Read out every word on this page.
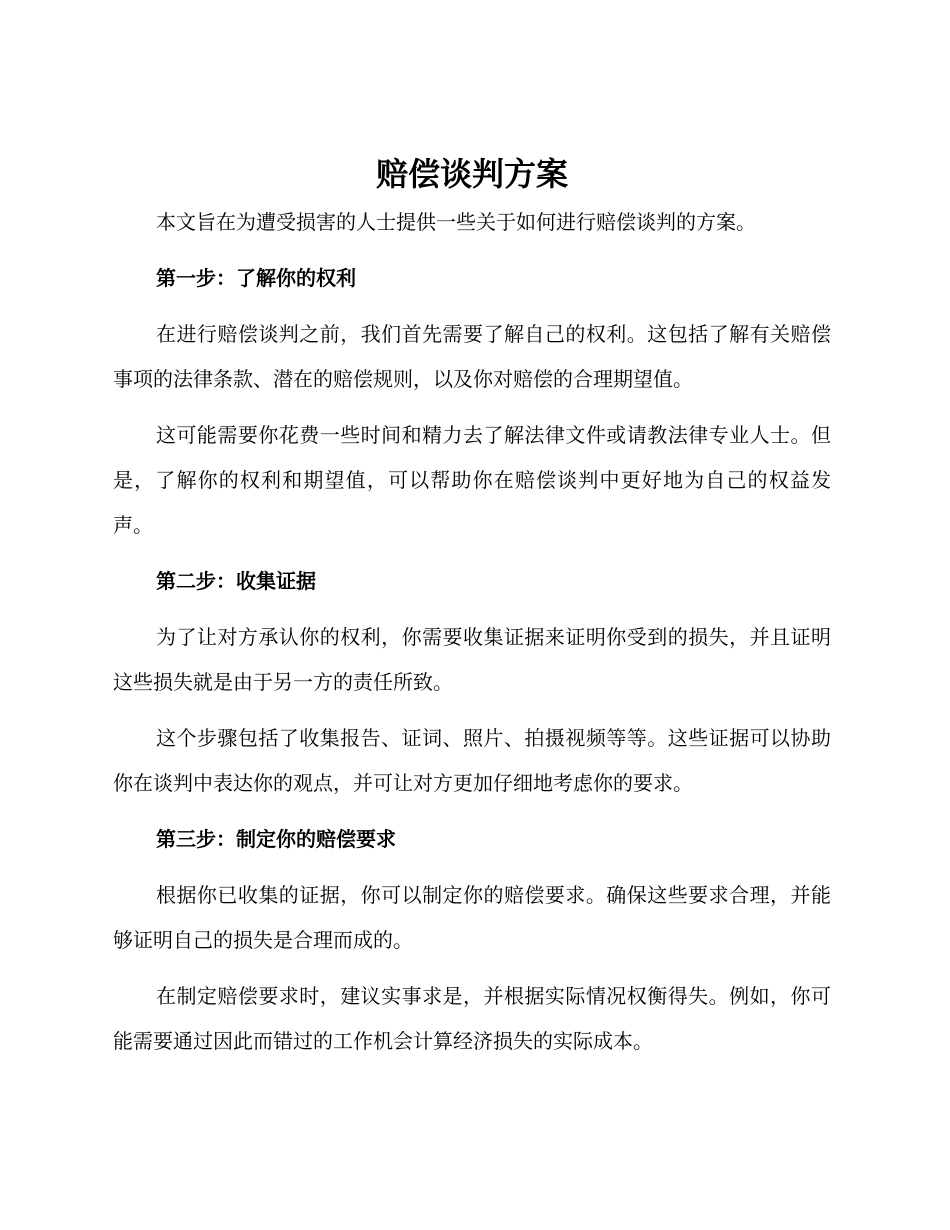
赔偿谈判方案

本文旨在为遭受损害的人士提供一些关于如何进行赔偿谈判的方案。

第一步：了解你的权利

在进行赔偿谈判之前，我们首先需要了解自己的权利。这包括了解有关赔偿事项的法律条款、潜在的赔偿规则，以及你对赔偿的合理期望值。

这可能需要你花费一些时间和精力去了解法律文件或请教法律专业人士。但是，了解你的权利和期望值，可以帮助你在赔偿谈判中更好地为自己的权益发声。

第二步：收集证据

为了让对方承认你的权利，你需要收集证据来证明你受到的损失，并且证明这些损失就是由于另一方的责任所致。

这个步骤包括了收集报告、证词、照片、拍摄视频等等。这些证据可以协助你在谈判中表达你的观点，并可让对方更加仔细地考虑你的要求。

第三步：制定你的赔偿要求

根据你已收集的证据，你可以制定你的赔偿要求。确保这些要求合理，并能够证明自己的损失是合理而成的。

在制定赔偿要求时，建议实事求是，并根据实际情况权衡得失。例如，你可能需要通过因此而错过的工作机会计算经济损失的实际成本。
